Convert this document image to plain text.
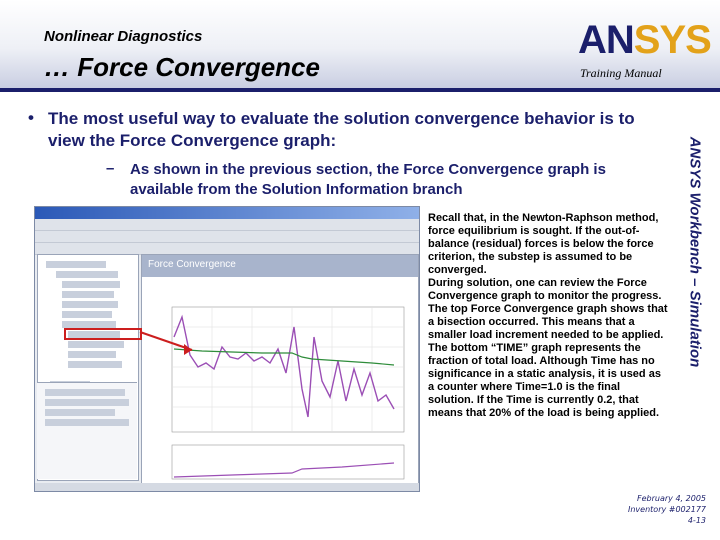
Nonlinear Diagnostics
… Force Convergence
ANSYS
Training Manual
ANSYS Workbench – Simulation
• The most useful way to evaluate the solution convergence behavior is to view the Force Convergence graph:
– As shown in the previous section, the Force Convergence graph is available from the Solution Information branch
Force Convergence

Recall that, in the Newton-Raphson method, force equilibrium is sought. If the out-of-balance (residual) forces is below the force criterion, the substep is assumed to be converged.

During solution, one can review the Force Convergence graph to monitor the progress.

The top Force Convergence graph shows that a bisection occurred. This means that a smaller load increment needed to be applied.

The bottom “TIME” graph represents the fraction of total load. Although Time has no significance in a static analysis, it is used as a counter where Time=1.0 is the final solution. If the Time is currently 0.2, that means that 20% of the load is being applied.

February 4, 2005
Inventory #002177
4-13
